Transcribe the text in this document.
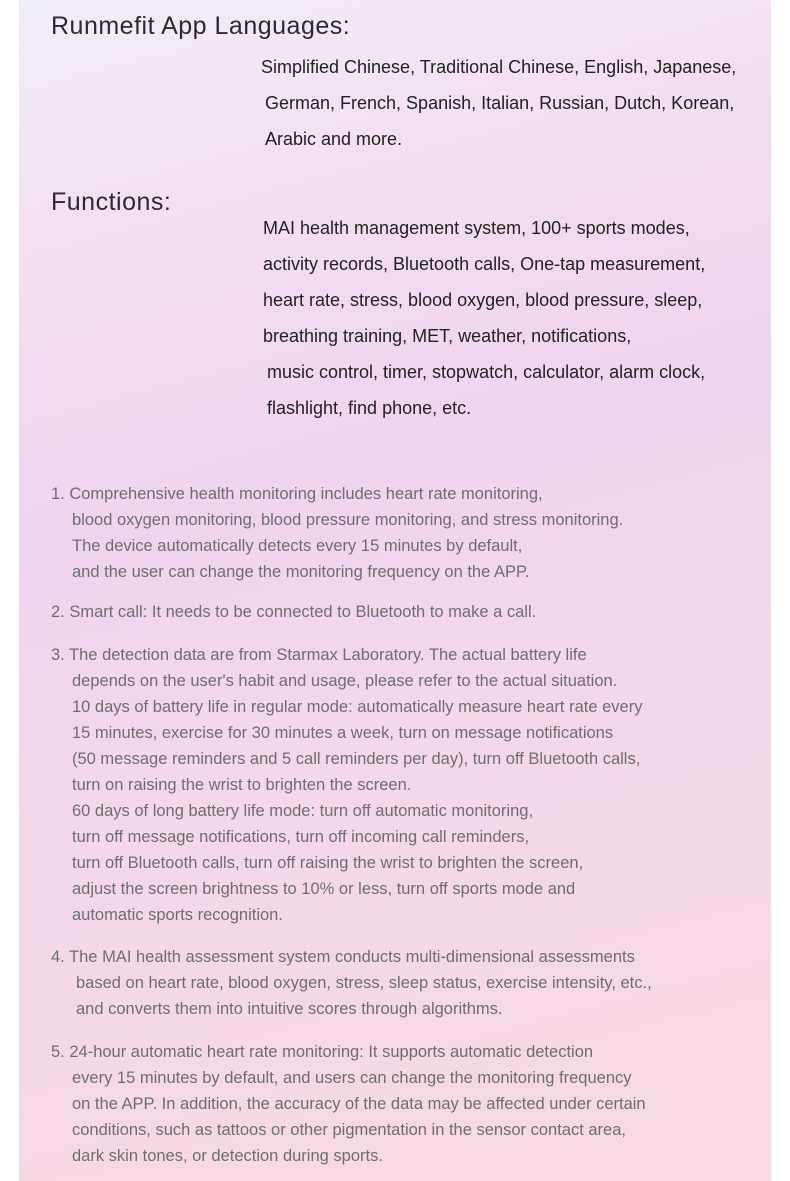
Runmefit App Languages:
Simplified Chinese, Traditional Chinese, English, Japanese,
German, French, Spanish, Italian, Russian, Dutch, Korean,
Arabic and more.
Functions:
MAI health management system, 100+ sports modes,
activity records, Bluetooth calls, One-tap measurement,
heart rate, stress, blood oxygen, blood pressure, sleep,
breathing training, MET, weather, notifications,
music control, timer, stopwatch, calculator, alarm clock,
flashlight, find phone, etc.
1. Comprehensive health monitoring includes heart rate monitoring,
blood oxygen monitoring, blood pressure monitoring, and stress monitoring.
The device automatically detects every 15 minutes by default,
and the user can change the monitoring frequency on the APP.
2. Smart call: It needs to be connected to Bluetooth to make a call.
3. The detection data are from Starmax Laboratory. The actual battery life
depends on the user's habit and usage, please refer to the actual situation.
10 days of battery life in regular mode: automatically measure heart rate every
15 minutes, exercise for 30 minutes a week, turn on message notifications
(50 message reminders and 5 call reminders per day), turn off Bluetooth calls,
turn on raising the wrist to brighten the screen.
60 days of long battery life mode: turn off automatic monitoring,
turn off message notifications, turn off incoming call reminders,
turn off Bluetooth calls, turn off raising the wrist to brighten the screen,
adjust the screen brightness to 10% or less, turn off sports mode and
automatic sports recognition.
4. The MAI health assessment system conducts multi-dimensional assessments
based on heart rate, blood oxygen, stress, sleep status, exercise intensity, etc.,
and converts them into intuitive scores through algorithms.
5. 24-hour automatic heart rate monitoring: It supports automatic detection
every 15 minutes by default, and users can change the monitoring frequency
on the APP. In addition, the accuracy of the data may be affected under certain
conditions, such as tattoos or other pigmentation in the sensor contact area,
dark skin tones, or detection during sports.
